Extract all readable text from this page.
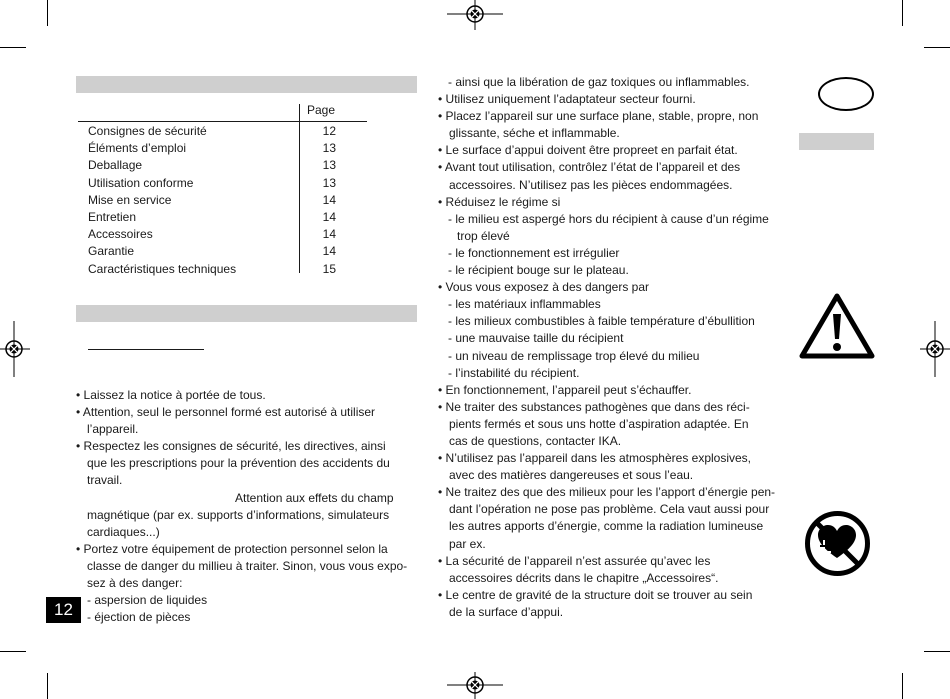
Page
Consignes de sécurité	12
Éléments d’emploi	13
Deballage	13
Utilisation conforme	13
Mise en service	14
Entretien	14
Accessoires	14
Garantie	14
Caractéristiques techniques	15
• Laissez la notice à portée de tous.
• Attention, seul le personnel formé est autorisé à utiliser
l’appareil.
• Respectez les consignes de sécurité, les directives, ainsi
que les prescriptions pour la prévention des accidents du
travail.
Attention aux effets du champ
magnétique (par ex. supports d’informations, simulateurs
cardiaques...)
• Portez votre équipement de protection personnel selon la
classe de danger du millieu à traiter. Sinon, vous vous expo-
sez à des danger:
- aspersion de liquides
- éjection de pièces
- ainsi que la libération de gaz toxiques ou inflammables.
• Utilisez uniquement l’adaptateur secteur fourni.
• Placez l’appareil sur une surface plane, stable, propre, non
glissante, séche et inflammable.
• Le surface d’appui doivent être propreet en parfait état.
• Avant tout utilisation, contrôlez l’état de l’appareil et des
accessoires. N’utilisez pas les pièces endommagées.
• Réduisez le régime si
- le milieu est aspergé hors du récipient à cause d’un régime
trop élevé
- le fonctionnement est irrégulier
- le récipient bouge sur le plateau.
• Vous vous exposez à des dangers par
- les matériaux inflammables
- les milieux combustibles à faible température d’ébullition
- une mauvaise taille du récipient
- un niveau de remplissage trop élevé du milieu
- l’instabilité du récipient.
• En fonctionnement, l’appareil peut s’échauffer.
• Ne traiter des substances pathogènes que dans des réci-
pients fermés et sous uns hotte d’aspiration adaptée. En
cas de questions, contacter IKA.
• N’utilisez pas l’appareil dans les atmosphères explosives,
avec des matières dangereuses et sous l’eau.
• Ne traitez des que des milieux pour les l’apport d’énergie pen-
dant l’opération ne pose pas problème. Cela vaut aussi pour
les autres apports d’énergie, comme la radiation lumineuse
par ex.
• La sécurité de l’appareil n’est assurée qu’avec les
accessoires décrits dans le chapitre „Accessoires“.
• Le centre de gravité de la structure doit se trouver au sein
de la surface d’appui.
12
